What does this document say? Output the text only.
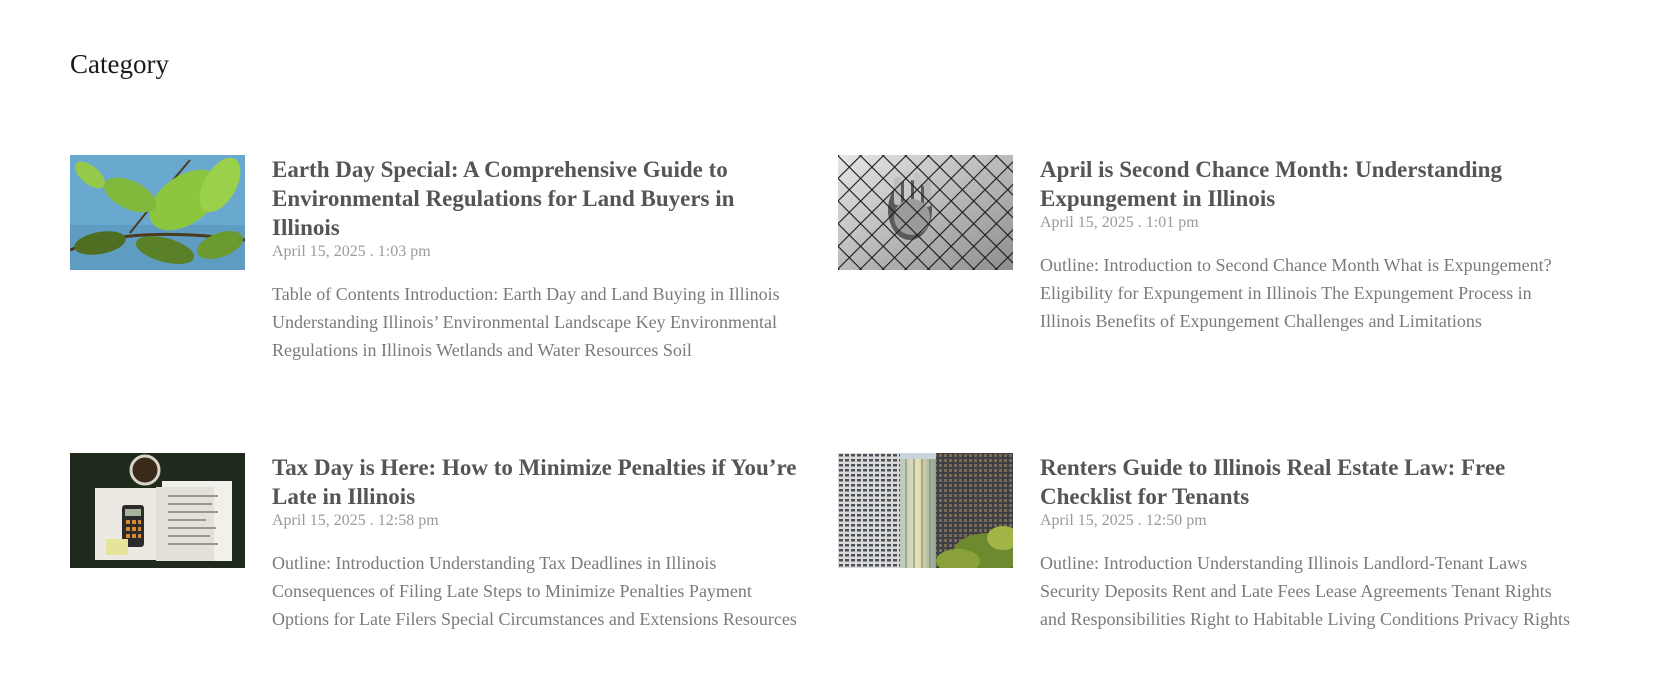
Category
Earth Day Special: A Comprehensive Guide to Environmental Regulations for Land Buyers in Illinois
April 15, 2025 . 1:03 pm
Table of Contents Introduction: Earth Day and Land Buying in Illinois Understanding Illinois’ Environmental Landscape Key Environmental Regulations in Illinois Wetlands and Water Resources Soil
April is Second Chance Month: Understanding Expungement in Illinois
April 15, 2025 . 1:01 pm
Outline: Introduction to Second Chance Month What is Expungement? Eligibility for Expungement in Illinois The Expungement Process in Illinois Benefits of Expungement Challenges and Limitations
Tax Day is Here: How to Minimize Penalties if You’re Late in Illinois
April 15, 2025 . 12:58 pm
Outline: Introduction Understanding Tax Deadlines in Illinois Consequences of Filing Late Steps to Minimize Penalties Payment Options for Late Filers Special Circumstances and Extensions Resources
Renters Guide to Illinois Real Estate Law: Free Checklist for Tenants
April 15, 2025 . 12:50 pm
Outline: Introduction Understanding Illinois Landlord-Tenant Laws Security Deposits Rent and Late Fees Lease Agreements Tenant Rights and Responsibilities Right to Habitable Living Conditions Privacy Rights
